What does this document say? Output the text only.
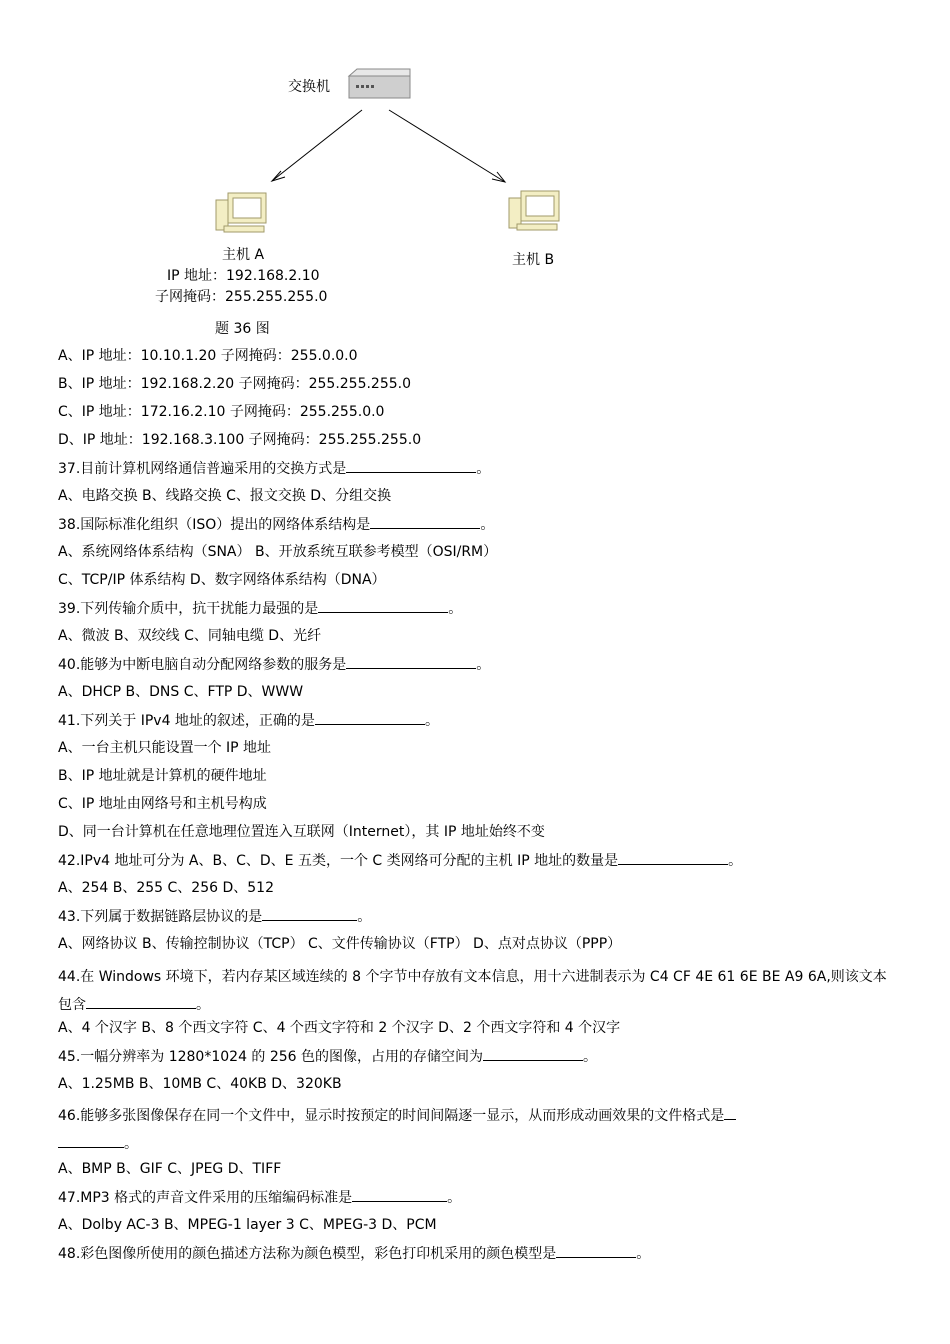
交换机
主机 A
IP 地址：192.168.2.10
子网掩码：255.255.255.0
主机 B
题 36 图
A、IP 地址：10.10.1.20 子网掩码：255.0.0.0
B、IP 地址：192.168.2.20 子网掩码：255.255.255.0
C、IP 地址：172.16.2.10 子网掩码：255.255.0.0
D、IP 地址：192.168.3.100 子网掩码：255.255.255.0
37.目前计算机网络通信普遍采用的交换方式是	。
A、电路交换 B、线路交换 C、报文交换 D、分组交换
38.国际标准化组织（ISO）提出的网络体系结构是	。
A、系统网络体系结构（SNA） B、开放系统互联参考模型（OSI/RM）
C、TCP/IP 体系结构 D、数字网络体系结构（DNA）
39.下列传输介质中，抗干扰能力最强的是	。
A、微波 B、双绞线 C、同轴电缆 D、光纤
40.能够为中断电脑自动分配网络参数的服务是	。
A、DHCP B、DNS C、FTP D、WWW
41.下列关于 IPv4 地址的叙述，正确的是	。
A、一台主机只能设置一个 IP 地址
B、IP 地址就是计算机的硬件地址
C、IP 地址由网络号和主机号构成
D、同一台计算机在任意地理位置连入互联网（Internet），其 IP 地址始终不变
42.IPv4 地址可分为 A、B、C、D、E 五类，一个 C 类网络可分配的主机 IP 地址的数量是	。
A、254 B、255 C、256 D、512
43.下列属于数据链路层协议的是	。
A、网络协议 B、传输控制协议（TCP） C、文件传输协议（FTP） D、点对点协议（PPP）
44.在 Windows 环境下，若内存某区域连续的 8 个字节中存放有文本信息，用十六进制表示为 C4 CF 4E 61 6E BE A9 6A,则该文本包含	。
A、4 个汉字 B、8 个西文字符 C、4 个西文字符和 2 个汉字 D、2 个西文字符和 4 个汉字
45.一幅分辨率为 1280*1024 的 256 色的图像，占用的存储空间为	。
A、1.25MB B、10MB C、40KB D、320KB
46.能够多张图像保存在同一个文件中，显示时按预定的时间间隔逐一显示，从而形成动画效果的文件格式是
。
A、BMP B、GIF C、JPEG D、TIFF
47.MP3 格式的声音文件采用的压缩编码标准是	。
A、Dolby AC-3 B、MPEG-1 layer 3 C、MPEG-3 D、PCM
48.彩色图像所使用的颜色描述方法称为颜色模型，彩色打印机采用的颜色模型是	。
